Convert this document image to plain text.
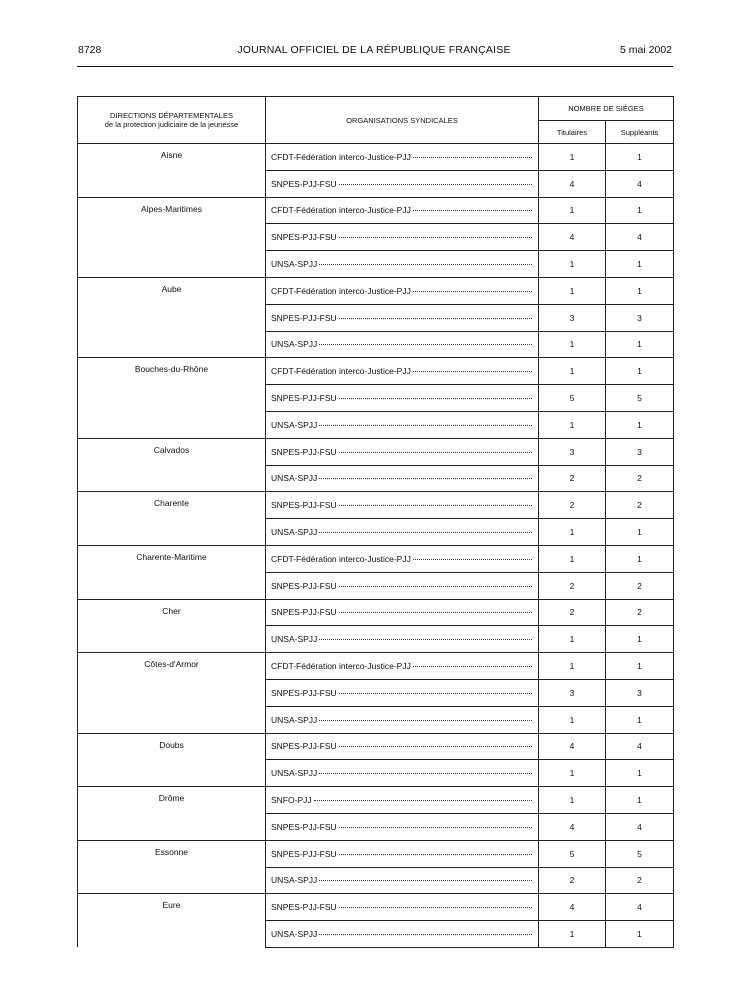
8728	JOURNAL OFFICIEL DE LA RÉPUBLIQUE FRANÇAISE	5 mai 2002
DIRECTIONS DÉPARTEMENTALES
de la protection judiciaire de la jeunesse	ORGANISATIONS SYNDICALES	NOMBRE DE SIÈGES	
		Titulaires	Suppléants
Aisne	CFDT-Fédération interco-Justice-PJJ	1	1

	SNPES-PJJ-FSU	4	4
Alpes-Maritimes	CFDT-Fédération interco-Justice-PJJ	1	1

	SNPES-PJJ-FSU	4	4

	UNSA-SPJJ	1	1
Aube	CFDT-Fédération interco-Justice-PJJ	1	1

	SNPES-PJJ-FSU	3	3

	UNSA-SPJJ	1	1
Bouches-du-Rhône	CFDT-Fédération interco-Justice-PJJ	1	1

	SNPES-PJJ-FSU	5	5

	UNSA-SPJJ	1	1
Calvados	SNPES-PJJ-FSU	3	3

	UNSA-SPJJ	2	2
Charente	SNPES-PJJ-FSU	2	2

	UNSA-SPJJ	1	1
Charente-Maritime	CFDT-Fédération interco-Justice-PJJ	1	1

	SNPES-PJJ-FSU	2	2
Cher	SNPES-PJJ-FSU	2	2

	UNSA-SPJJ	1	1
Côtes-d'Armor	CFDT-Fédération interco-Justice-PJJ	1	1

	SNPES-PJJ-FSU	3	3

	UNSA-SPJJ	1	1
Doubs	SNPES-PJJ-FSU	4	4

	UNSA-SPJJ	1	1
Drôme	SNFO-PJJ	1	1

	SNPES-PJJ-FSU	4	4
Essonne	SNPES-PJJ-FSU	5	5

	UNSA-SPJJ	2	2
Eure	SNPES-PJJ-FSU	4	4

	UNSA-SPJJ	1	1
